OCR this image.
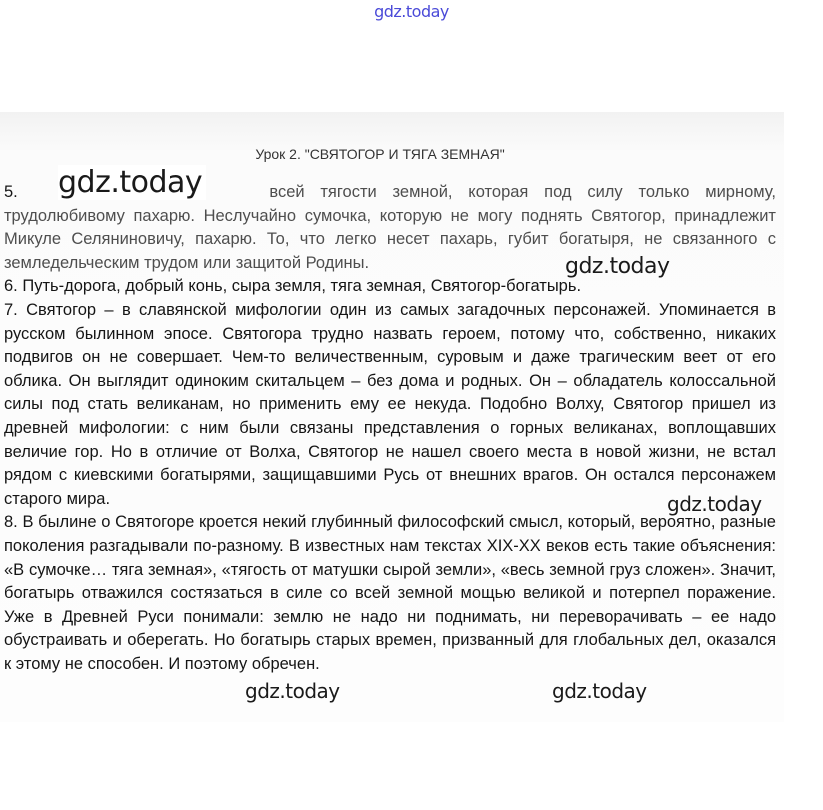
gdz.today
Урок 2. "СВЯТОГОР И ТЯГА ЗЕМНАЯ"

5.	всей тягости земной, которая под силу только мирному, трудолюбивому пахарю. Неслучайно сумочка, которую не могу поднять Святогор, принадлежит Микуле Селяниновичу, пахарю. То, что легко несет пахарь, губит богатыря, не связанного с земледельческим трудом или защитой Родины.

6. Путь-дорога, добрый конь, сыра земля, тяга земная, Святогор-богатырь.

7. Святогор – в славянской мифологии один из самых загадочных персонажей. Упоминается в русском былинном эпосе. Святогора трудно назвать героем, потому что, собственно, никаких подвигов он не совершает. Чем-то величественным, суровым и даже трагическим веет от его облика. Он выглядит одиноким скитальцем – без дома и родных. Он – обладатель колоссальной силы под стать великанам, но применить ему ее некуда. Подобно Волху, Святогор пришел из древней мифологии: с ним были связаны представления о горных великанах, воплощавших величие гор. Но в отличие от Волха, Святогор не нашел своего места в новой жизни, не встал рядом с киевскими богатырями, защищавшими Русь от внешних врагов. Он остался персонажем старого мира.

8. В былине о Святогоре кроется некий глубинный философский смысл, который, вероятно, разные поколения разгадывали по-разному. В известных нам текстах XIX-XX веков есть такие объяснения: «В сумочке… тяга земная», «тягость от матушки сырой земли», «весь земной груз сложен». Значит, богатырь отважился состязаться в силе со всей земной мощью великой и потерпел поражение. Уже в Древней Руси понимали: землю не надо ни поднимать, ни переворачивать – ее надо обустраивать и оберегать. Но богатырь старых времен, призванный для глобальных дел, оказался к этому не способен. И поэтому обречен.

gdz.today
gdz.today
gdz.today
gdz.today	gdz.today
